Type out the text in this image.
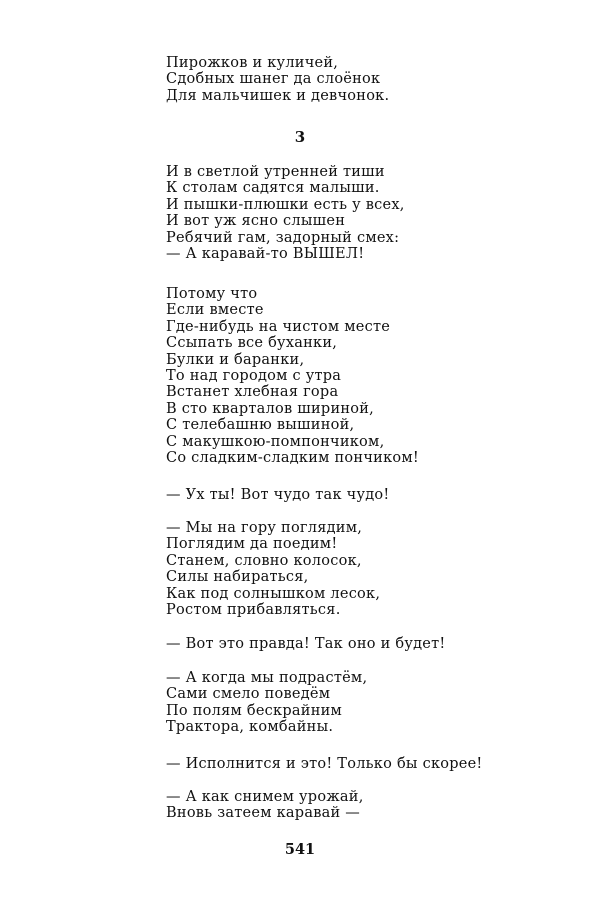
Пирожков и куличей,
Сдобных шанег да слоёнок
Для мальчишек и девчонок.
3
И в светлой утренней тиши
К столам садятся малыши.
И пышки-плюшки есть у всех,
И вот уж ясно слышен
Ребячий гам, задорный смех:
— А каравай-то ВЫШЕЛ!
Потому что
Если вместе
Где-нибудь на чистом месте
Ссыпать все буханки,
Булки и баранки,
То над городом с утра
Встанет хлебная гора
В сто кварталов шириной,
С телебашню вышиной,
С макушкою-помпончиком,
Со сладким-сладким пончиком!
— Ух ты! Вот чудо так чудо!
— Мы на гору поглядим,
Поглядим да поедим!
Станем, словно колосок,
Силы набираться,
Как под солнышком лесок,
Ростом прибавляться.
— Вот это правда! Так оно и будет!
— А когда мы подрастём,
Сами смело поведём
По полям бескрайним
Трактора, комбайны.
— Исполнится и это! Только бы скорее!
— А как снимем урожай,
Вновь затеем каравай —
541
